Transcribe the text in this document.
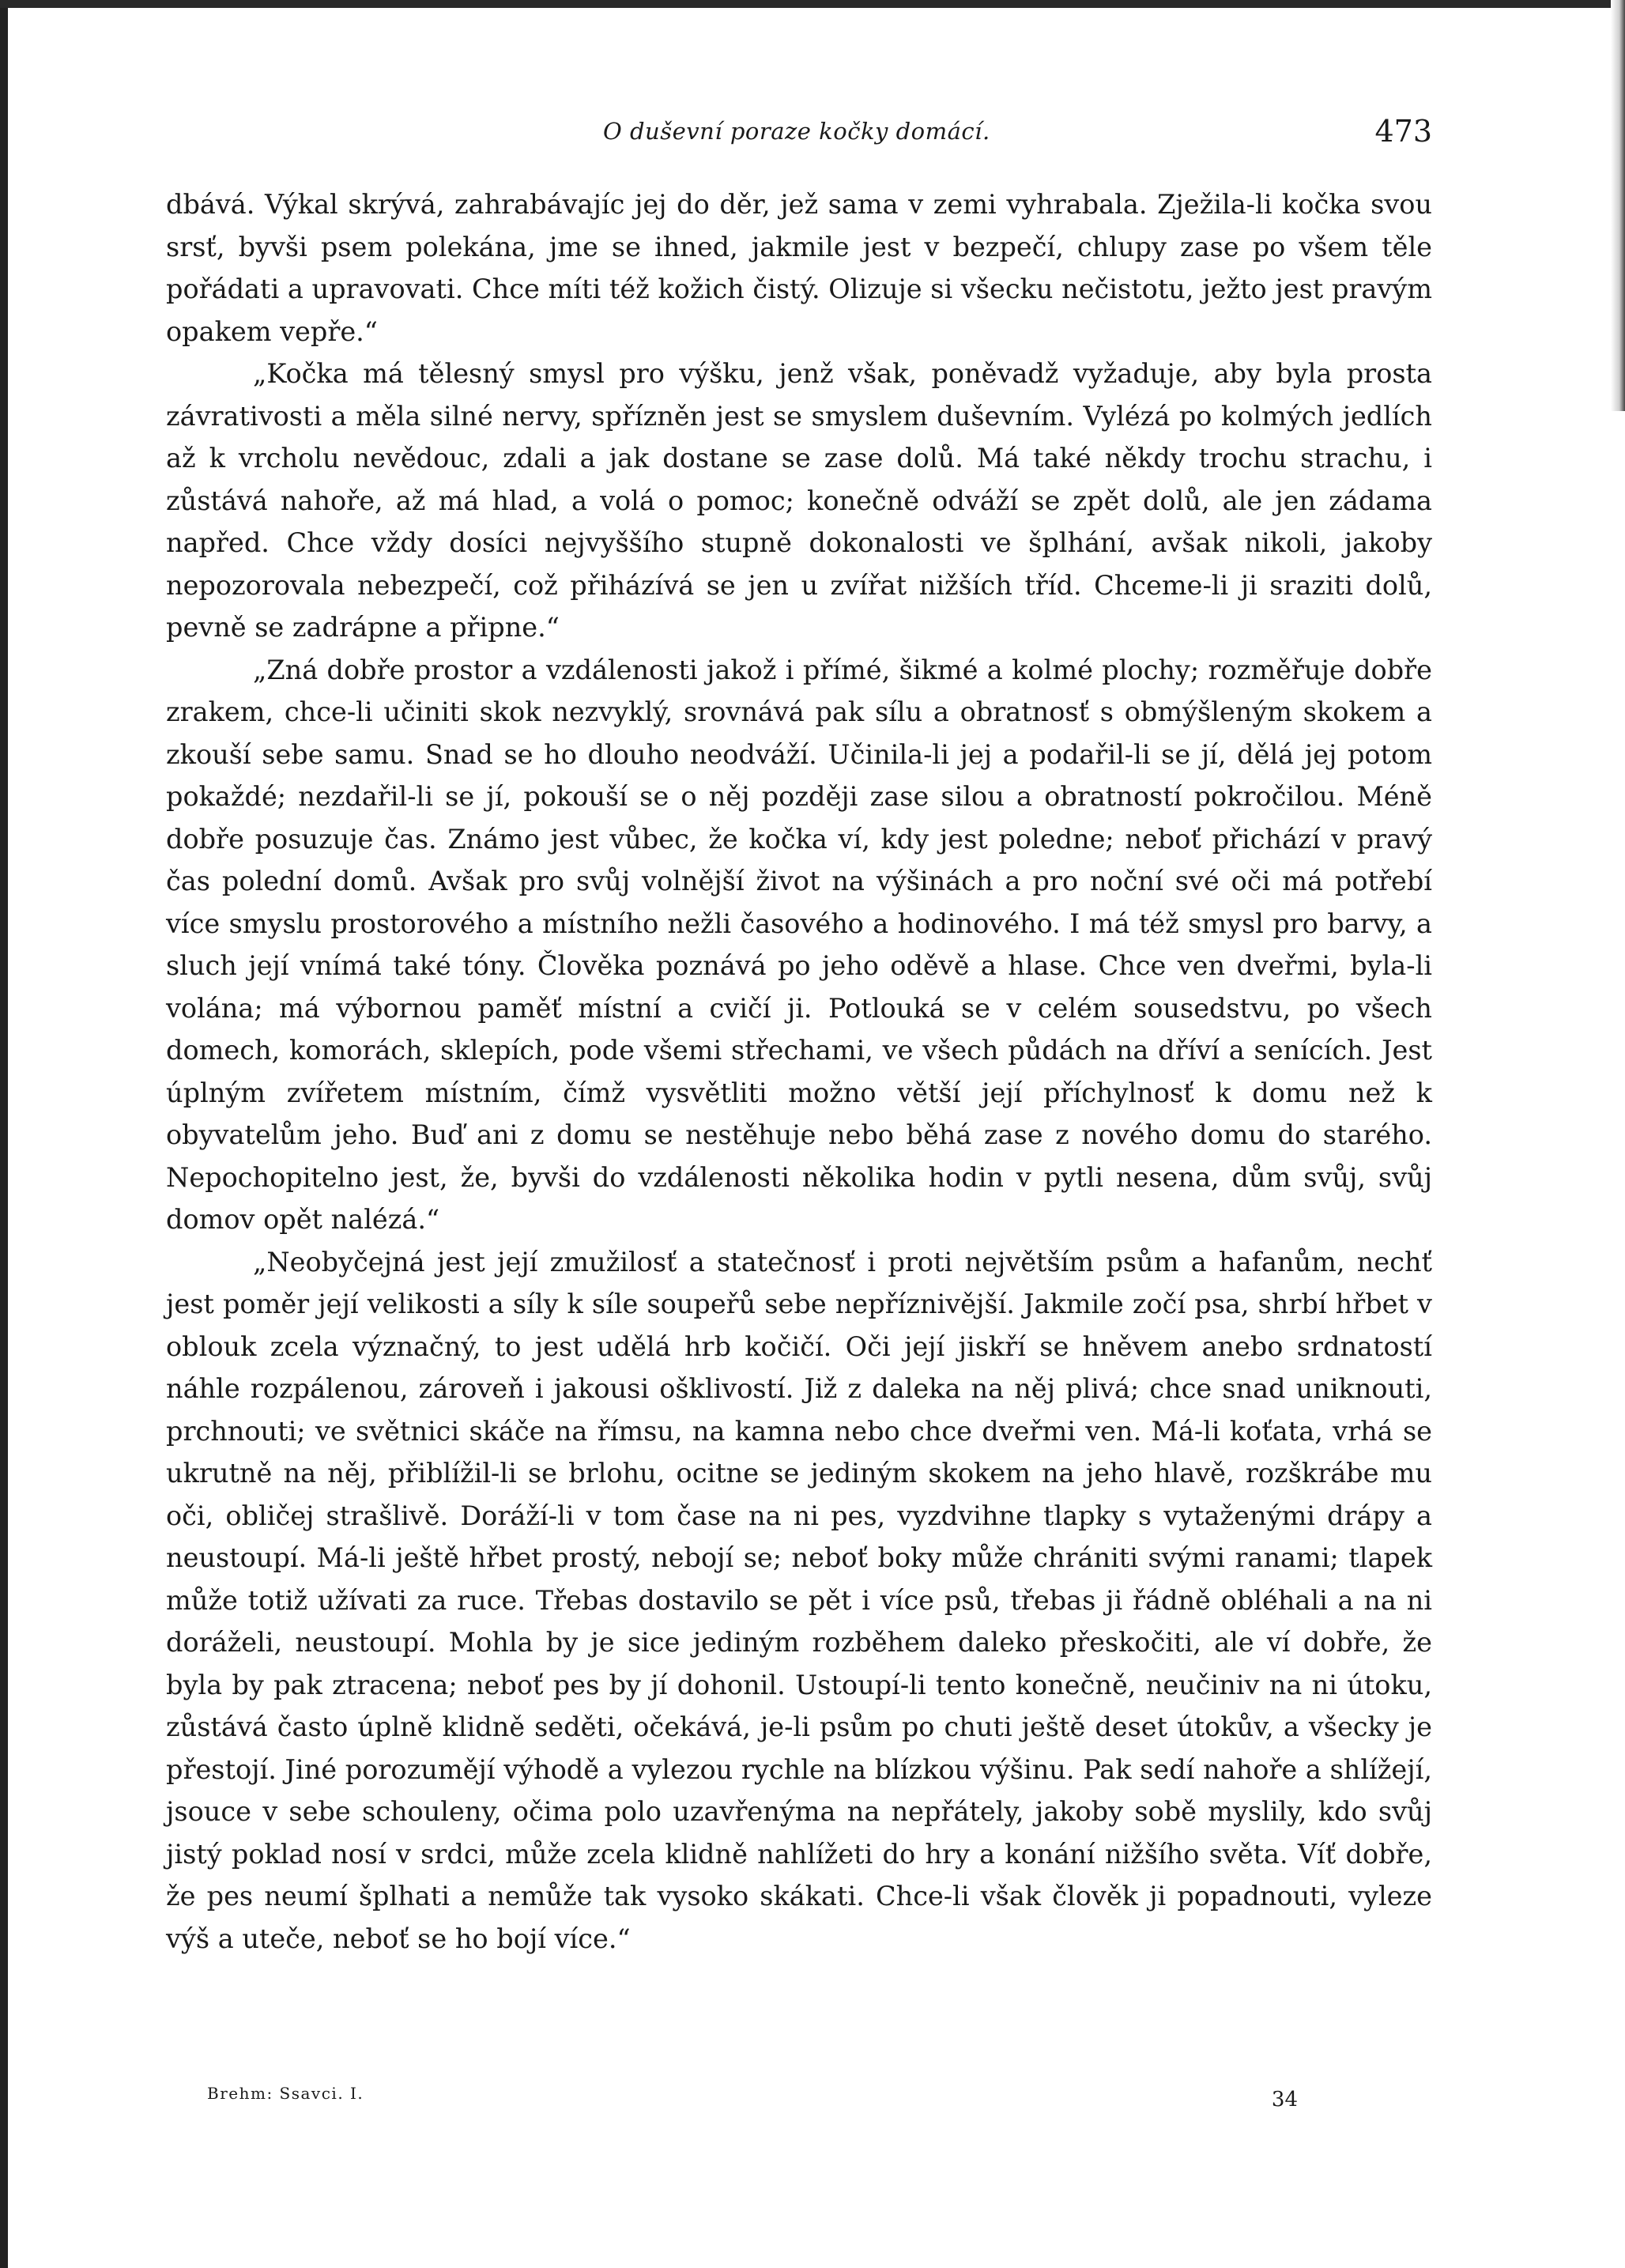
O duševní poraze kočky domácí.	473

dbává. Výkal skrývá, zahrabávajíc jej do děr, jež sama v zemi vyhrabala. Zježila-li kočka svou srsť, byvši psem polekána, jme se ihned, jakmile jest v bezpečí, chlupy zase po všem těle pořádati a upravovati. Chce míti též kožich čistý. Olizuje si všecku nečistotu, ježto jest pravým opakem vepře.“

„Kočka má tělesný smysl pro výšku, jenž však, poněvadž vyžaduje, aby byla prosta závrativosti a měla silné nervy, spřízněn jest se smyslem duševním. Vylézá po kolmých jedlích až k vrcholu nevědouc, zdali a jak dostane se zase dolů. Má také někdy trochu strachu, i zůstává nahoře, až má hlad, a volá o pomoc; konečně odváží se zpět dolů, ale jen zádama napřed. Chce vždy dosíci nejvyššího stupně dokonalosti ve šplhání, avšak nikoli, jakoby nepozorovala nebezpečí, což přiházívá se jen u zvířat nižších tříd. Chceme-li ji sraziti dolů, pevně se zadrápne a připne.“

„Zná dobře prostor a vzdálenosti jakož i přímé, šikmé a kolmé plochy; rozměřuje dobře zrakem, chce-li učiniti skok nezvyklý, srovnává pak sílu a obratnosť s obmýšleným skokem a zkouší sebe samu. Snad se ho dlouho neodváží. Učinila-li jej a podařil-li se jí, dělá jej potom pokaždé; nezdařil-li se jí, pokouší se o něj později zase silou a obratností pokročilou. Méně dobře posuzuje čas. Známo jest vůbec, že kočka ví, kdy jest poledne; neboť přichází v pravý čas polední domů. Avšak pro svůj volnější život na výšinách a pro noční své oči má potřebí více smyslu prostorového a místního nežli časového a hodinového. I má též smysl pro barvy, a sluch její vnímá také tóny. Člověka poznává po jeho oděvě a hlase. Chce ven dveřmi, byla-li volána; má výbornou paměť místní a cvičí ji. Potlouká se v celém sousedstvu, po všech domech, komorách, sklepích, pode všemi střechami, ve všech půdách na dříví a senících. Jest úplným zvířetem místním, čímž vysvětliti možno větší její příchylnosť k domu než k obyvatelům jeho. Buď ani z domu se nestěhuje nebo běhá zase z nového domu do starého. Nepochopitelno jest, že, byvši do vzdálenosti několika hodin v pytli nesena, dům svůj, svůj domov opět nalézá.“

„Neobyčejná jest její zmužilosť a statečnosť i proti největším psům a hafanům, nechť jest poměr její velikosti a síly k síle soupeřů sebe nepříznivější. Jakmile zočí psa, shrbí hřbet v oblouk zcela význačný, to jest udělá hrb kočičí. Oči její jiskří se hněvem anebo srdnatostí náhle rozpálenou, zároveň i jakousi ošklivostí. Již z daleka na něj plivá; chce snad uniknouti, prchnouti; ve světnici skáče na římsu, na kamna nebo chce dveřmi ven. Má-li koťata, vrhá se ukrutně na něj, přiblížil-li se brlohu, ocitne se jediným skokem na jeho hlavě, rozškrábe mu oči, obličej strašlivě. Doráží-li v tom čase na ni pes, vyzdvihne tlapky s vytaženými drápy a neustoupí. Má-li ještě hřbet prostý, nebojí se; neboť boky může chrániti svými ranami; tlapek může totiž užívati za ruce. Třebas dostavilo se pět i více psů, třebas ji řádně obléhali a na ni doráželi, neustoupí. Mohla by je sice jediným rozběhem daleko přeskočiti, ale ví dobře, že byla by pak ztracena; neboť pes by jí dohonil. Ustoupí-li tento konečně, neučiniv na ni útoku, zůstává často úplně klidně seděti, očekává, je-li psům po chuti ještě deset útokův, a všecky je přestojí. Jiné porozumějí výhodě a vylezou rychle na blízkou výšinu. Pak sedí nahoře a shlížejí, jsouce v sebe schouleny, očima polo uzavřenýma na nepřátely, jakoby sobě myslily, kdo svůj jistý poklad nosí v srdci, může zcela klidně nahlížeti do hry a konání nižšího světa. Víť dobře, že pes neumí šplhati a nemůže tak vysoko skákati. Chce-li však člověk ji popadnouti, vyleze výš a uteče, neboť se ho bojí více.“

Brehm: Ssavci. I.	34
